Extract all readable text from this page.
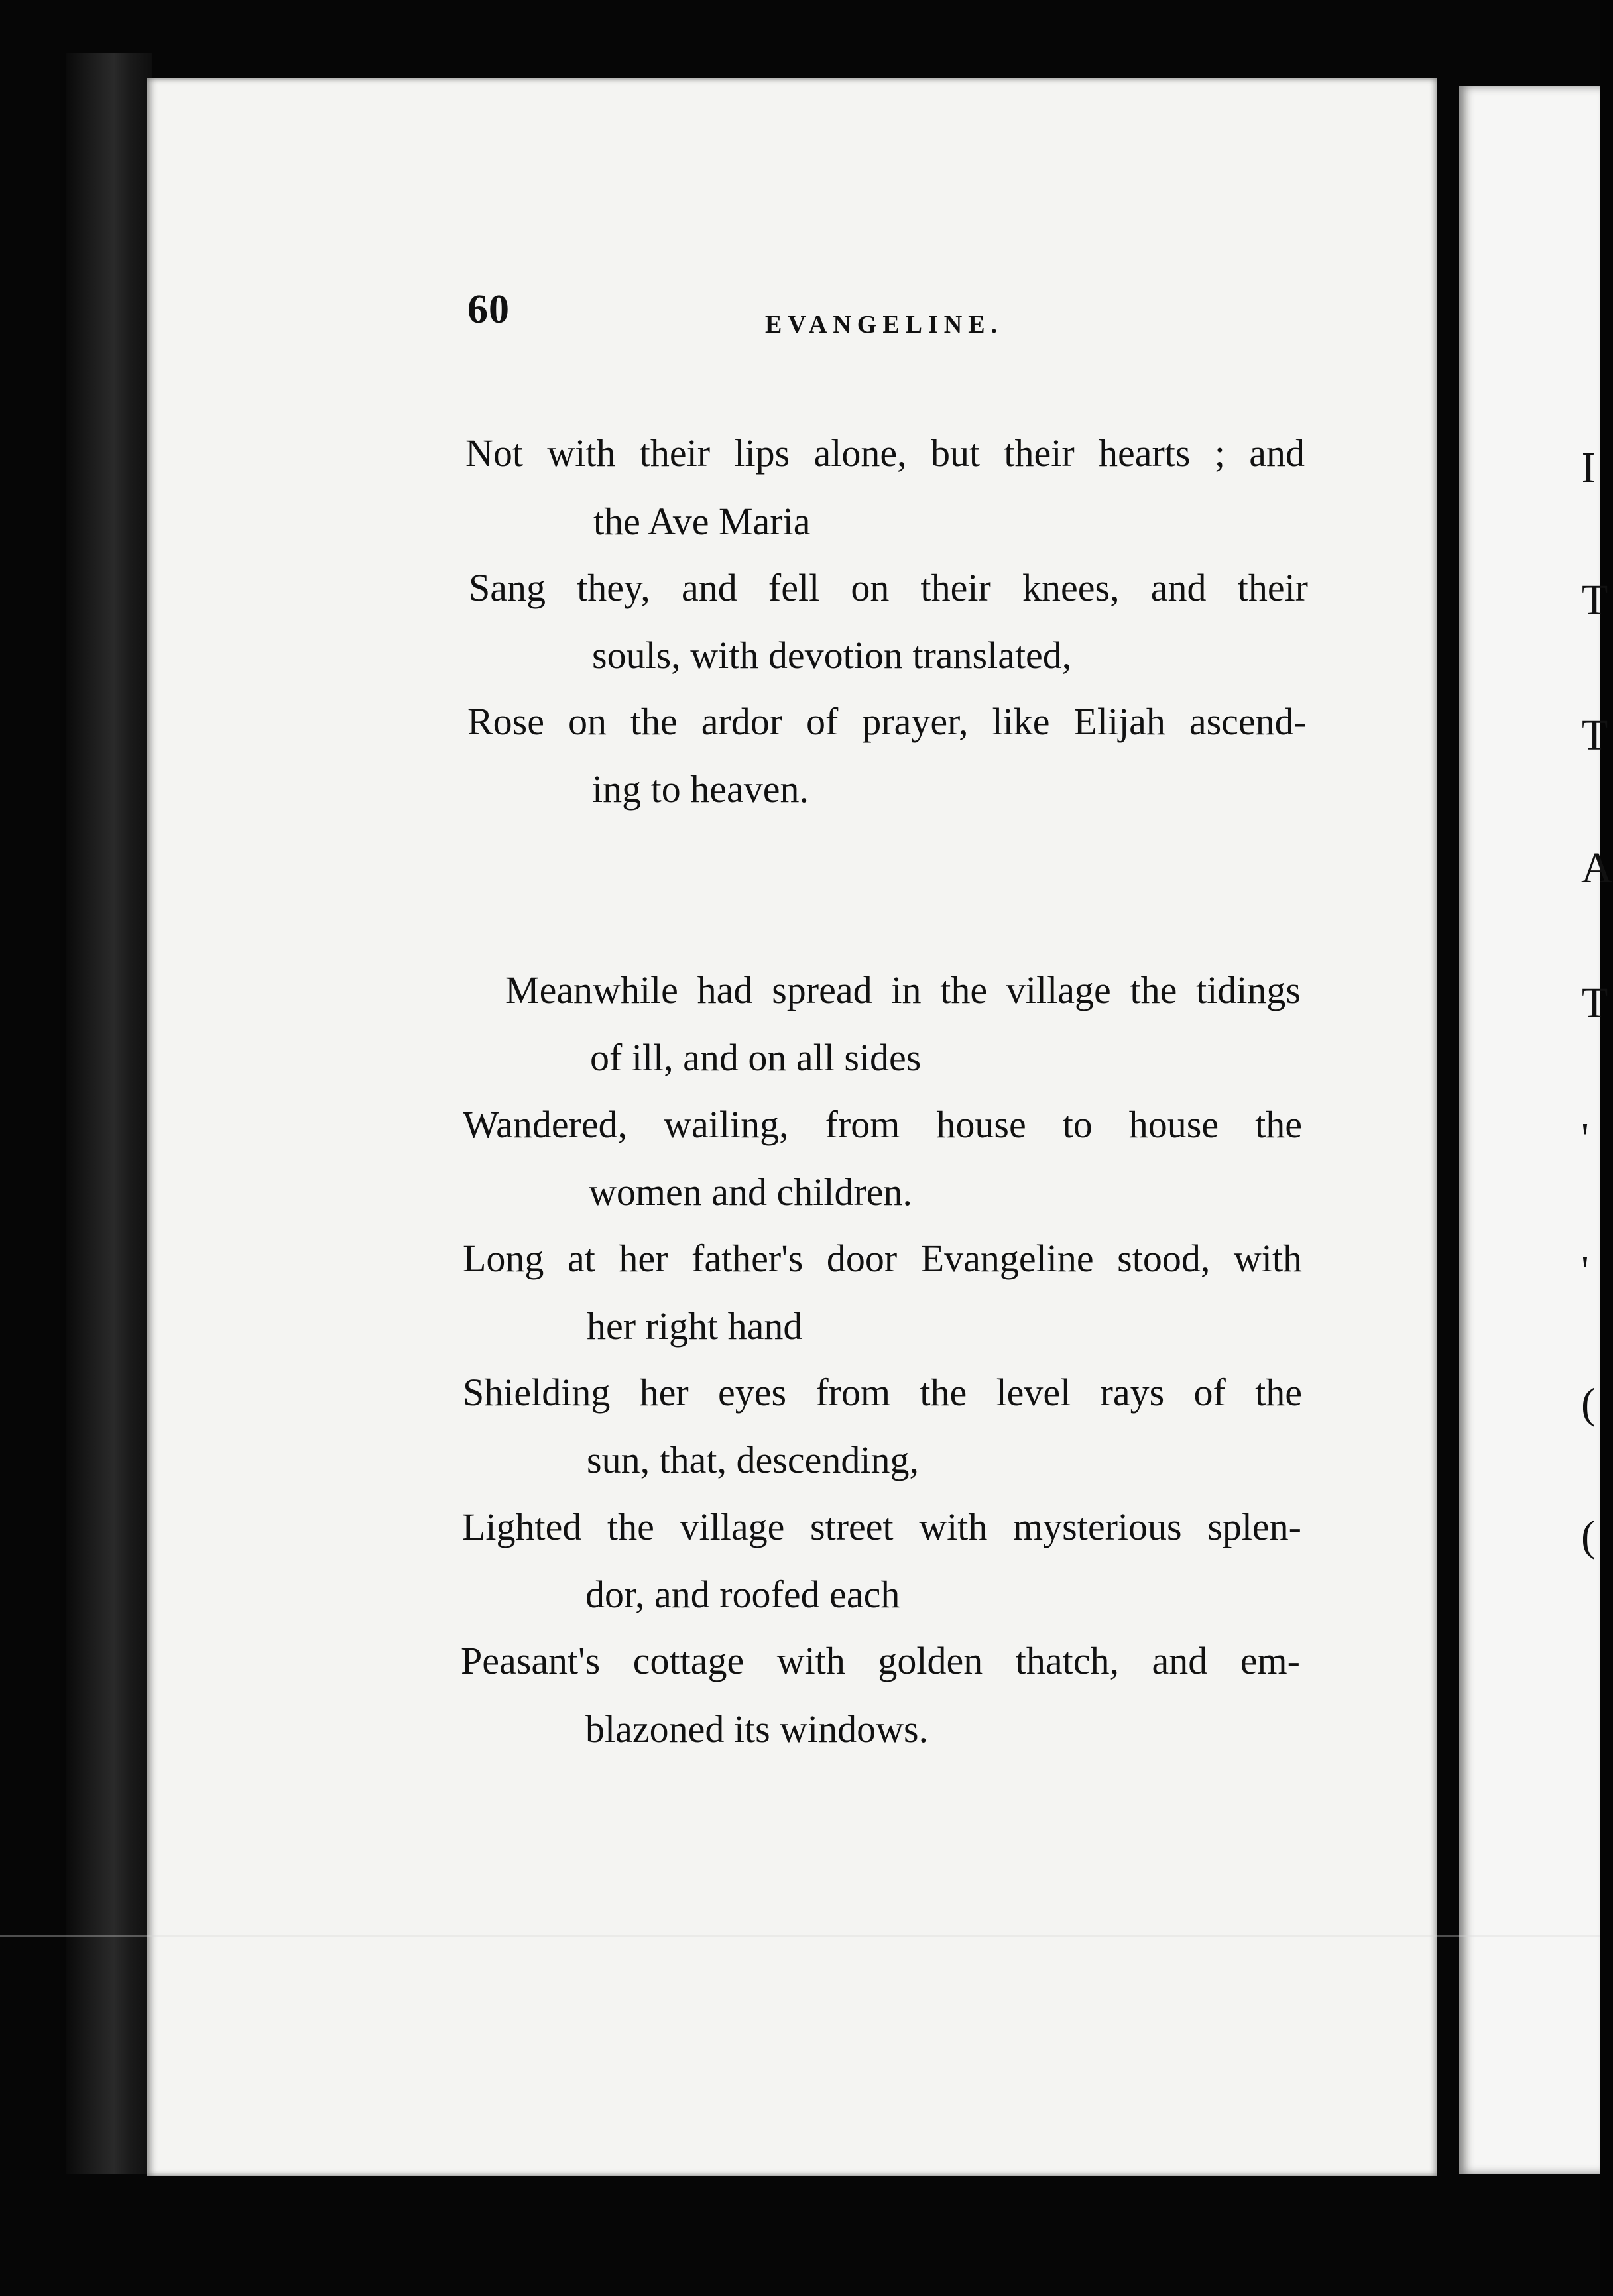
I
T
T
A
T
'
'
(
(
60	EVANGELINE.
Not with their lips alone, but their hearts ; and
the Ave Maria
Sang they, and fell on their knees, and their
souls, with devotion translated,
Rose on the ardor of prayer, like Elijah ascend-
ing to heaven.
Meanwhile had spread in the village the tidings
of ill, and on all sides
Wandered, wailing, from house to house the
women and children.
Long at her father's door Evangeline stood, with
her right hand
Shielding her eyes from the level rays of the
sun, that, descending,
Lighted the village street with mysterious splen-
dor, and roofed each
Peasant's cottage with golden thatch, and em-
blazoned its windows.
